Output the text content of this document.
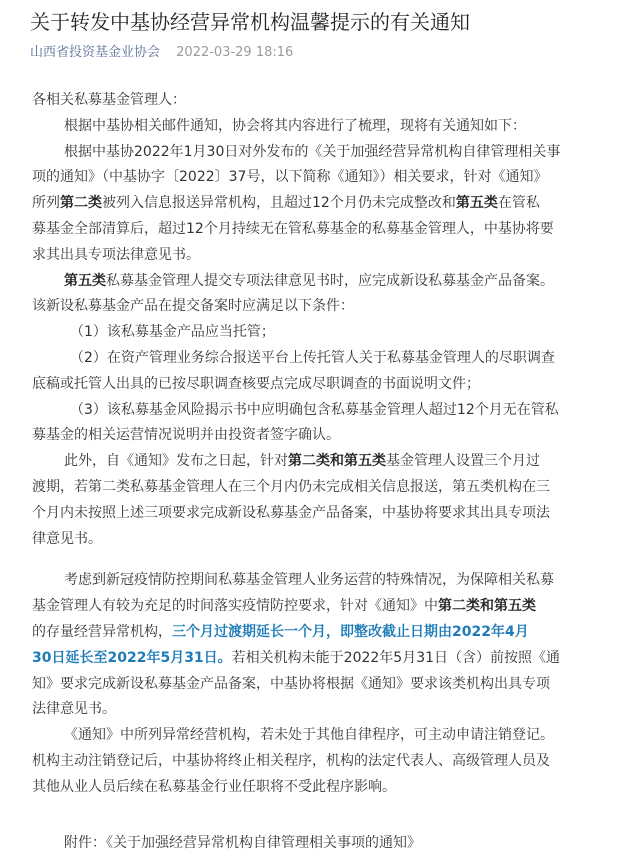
关于转发中基协经营异常机构温馨提示的有关通知
山西省投资基金业协会 2022-03-29 18:16
各相关私募基金管理人：
根据中基协相关邮件通知，协会将其内容进行了梳理，现将有关通知如下：
根据中基协2022年1月30日对外发布的《关于加强经营异常机构自律管理相关事
项的通知》（中基协字〔2022〕37号，以下简称《通知》）相关要求，针对《通知》
所列第二类被列入信息报送异常机构，且超过12个月仍未完成整改和第五类在管私
募基金全部清算后，超过12个月持续无在管私募基金的私募基金管理人，中基协将要
求其出具专项法律意见书。
第五类私募基金管理人提交专项法律意见书时，应完成新设私募基金产品备案。
该新设私募基金产品在提交备案时应满足以下条件：
（1）该私募基金产品应当托管；
（2）在资产管理业务综合报送平台上传托管人关于私募基金管理人的尽职调查
底稿或托管人出具的已按尽职调查核要点完成尽职调查的书面说明文件；
（3）该私募基金风险揭示书中应明确包含私募基金管理人超过12个月无在管私
募基金的相关运营情况说明并由投资者签字确认。
此外，自《通知》发布之日起，针对第二类和第五类基金管理人设置三个月过
渡期，若第二类私募基金管理人在三个月内仍未完成相关信息报送，第五类机构在三
个月内未按照上述三项要求完成新设私募基金产品备案，中基协将要求其出具专项法
律意见书。
考虑到新冠疫情防控期间私募基金管理人业务运营的特殊情况，为保障相关私募
基金管理人有较为充足的时间落实疫情防控要求，针对《通知》中第二类和第五类
的存量经营异常机构，三个月过渡期延长一个月，即整改截止日期由2022年4月
30日延长至2022年5月31日。若相关机构未能于2022年5月31日（含）前按照《通
知》要求完成新设私募基金产品备案，中基协将根据《通知》要求该类机构出具专项
法律意见书。
《通知》中所列异常经营机构，若未处于其他自律程序，可主动申请注销登记。
机构主动注销登记后，中基协将终止相关程序，机构的法定代表人、高级管理人员及
其他从业人员后续在私募基金行业任职将不受此程序影响。
附件：《关于加强经营异常机构自律管理相关事项的通知》
